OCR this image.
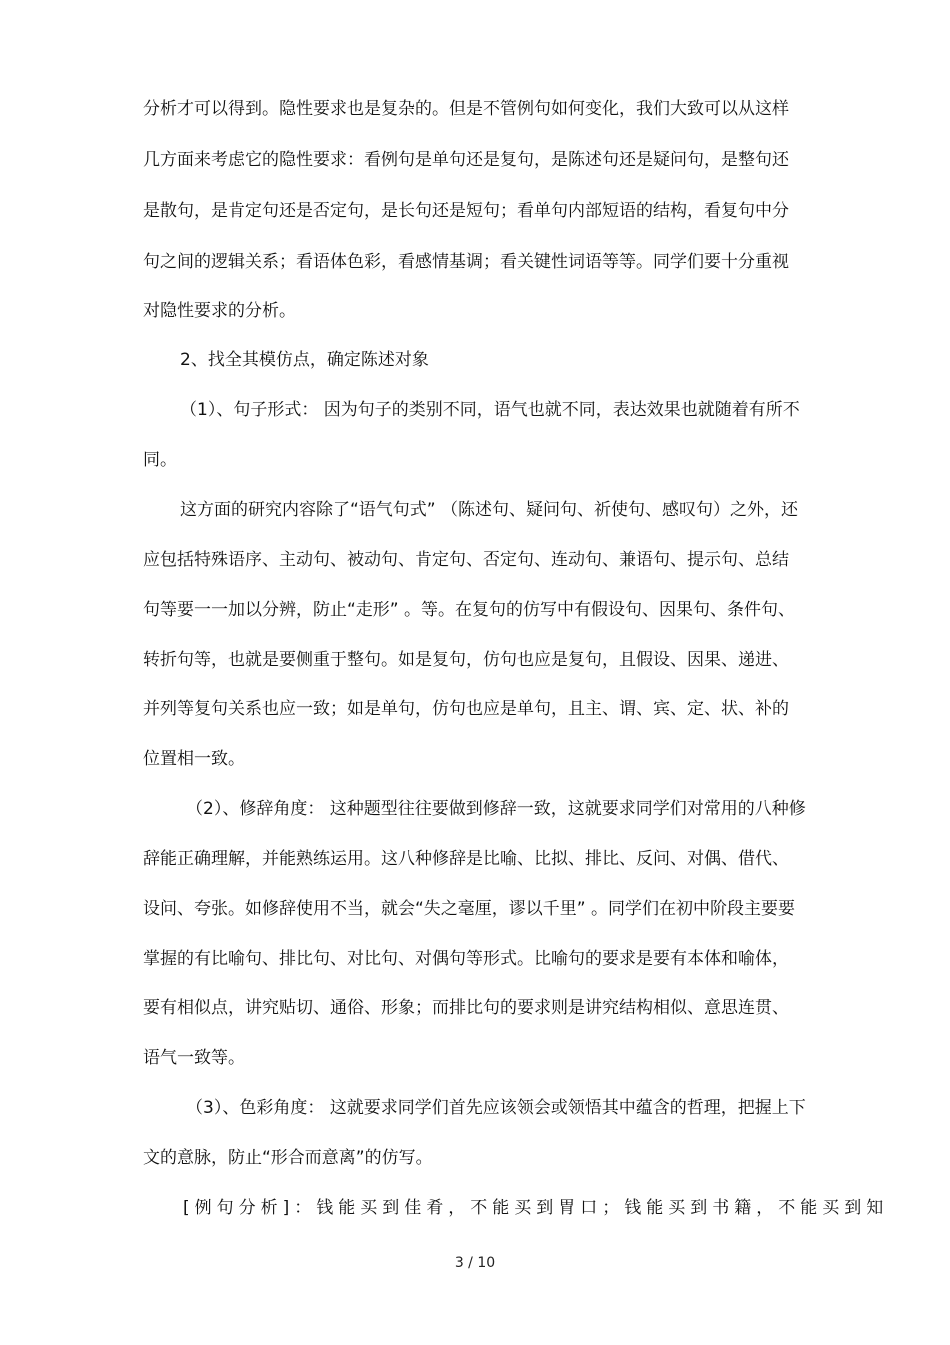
分析才可以得到。隐性要求也是复杂的。但是不管例句如何变化，我们大致可以从这样

几方面来考虑它的隐性要求：看例句是单句还是复句，是陈述句还是疑问句，是整句还

是散句，是肯定句还是否定句，是长句还是短句；看单句内部短语的结构，看复句中分

句之间的逻辑关系；看语体色彩，看感情基调；看关键性词语等等。同学们要十分重视

对隐性要求的分析。

2、找全其模仿点，确定陈述对象

（1）、句子形式： 因为句子的类别不同，语气也就不同，表达效果也就随着有所不

同。

这方面的研究内容除了“语气句式” （陈述句、疑问句、祈使句、感叹句）之外，还

应包括特殊语序、主动句、被动句、肯定句、否定句、连动句、兼语句、提示句、总结

句等要一一加以分辨，防止“走形” 。等。在复句的仿写中有假设句、因果句、条件句、

转折句等，也就是要侧重于整句。如是复句，仿句也应是复句，且假设、因果、递进、

并列等复句关系也应一致；如是单句，仿句也应是单句，且主、谓、宾、定、状、补的

位置相一致。

（2）、修辞角度： 这种题型往往要做到修辞一致，这就要求同学们对常用的八种修

辞能正确理解，并能熟练运用。这八种修辞是比喻、比拟、排比、反问、对偶、借代、

设问、夸张。如修辞使用不当，就会“失之毫厘，谬以千里” 。同学们在初中阶段主要要

掌握的有比喻句、排比句、对比句、对偶句等形式。比喻句的要求是要有本体和喻体，

要有相似点，讲究贴切、通俗、形象；而排比句的要求则是讲究结构相似、意思连贯、

语气一致等。

（3）、色彩角度： 这就要求同学们首先应该领会或领悟其中蕴含的哲理，把握上下

文的意脉，防止“形合而意离”的仿写。

[例句分析]：钱能买到佳肴，不能买到胃口；钱能买到书籍，不能买到知

3 / 10
